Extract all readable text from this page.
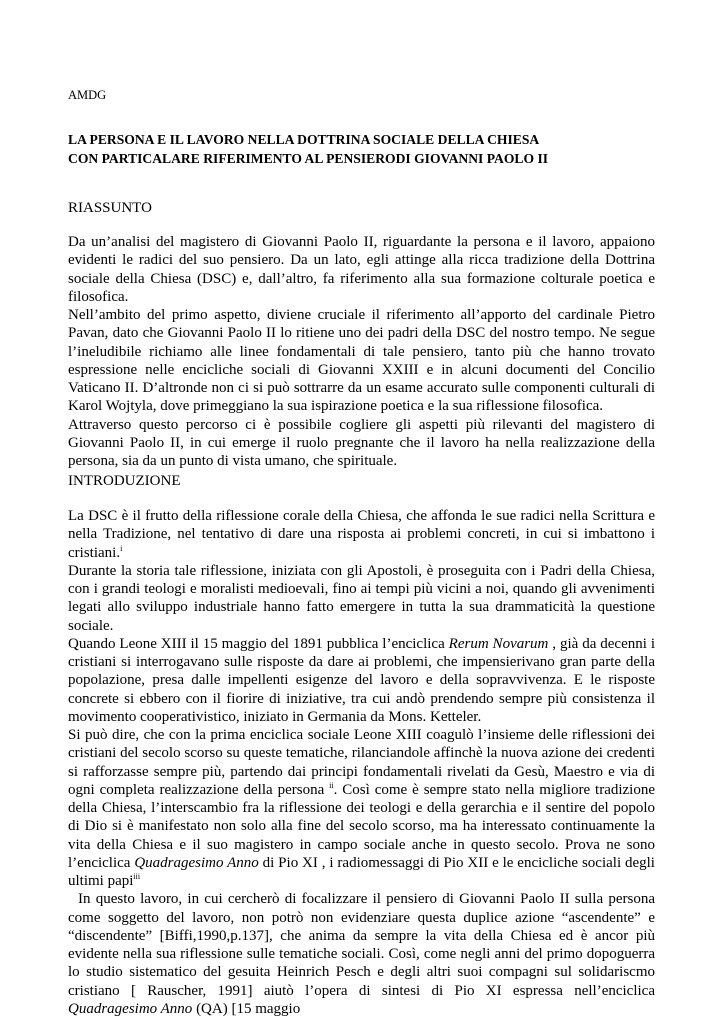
AMDG
LA PERSONA E IL LAVORO NELLA DOTTRINA SOCIALE DELLA CHIESA
CON PARTICALARE RIFERIMENTO AL PENSIERODI GIOVANNI PAOLO II
RIASSUNTO

Da un’analisi del magistero di Giovanni Paolo II, riguardante la persona e il lavoro, appaiono evidenti le radici del suo pensiero. Da un lato, egli attinge alla ricca tradizione della Dottrina sociale della Chiesa (DSC) e, dall’altro, fa riferimento alla sua formazione colturale poetica e filosofica.

Nell’ambito del primo aspetto, diviene cruciale il riferimento all’apporto del cardinale Pietro Pavan, dato che Giovanni Paolo II lo ritiene uno dei padri della DSC del nostro tempo. Ne segue l’ineludibile richiamo alle linee fondamentali di tale pensiero, tanto più che hanno trovato espressione nelle encicliche sociali di Giovanni XXIII e in alcuni documenti del Concilio Vaticano II. D’altronde non ci si può sottrarre da un esame accurato sulle componenti culturali di Karol Wojtyla, dove primeggiano la sua ispirazione poetica e la sua riflessione filosofica.

Attraverso questo percorso ci è possibile cogliere gli aspetti più rilevanti del magistero di Giovanni Paolo II, in cui emerge il ruolo pregnante che il lavoro ha nella realizzazione della persona, sia da un punto di vista umano, che spirituale.

INTRODUZIONE

La DSC è il frutto della riflessione corale della Chiesa, che affonda le sue radici nella Scrittura e nella Tradizione, nel tentativo di dare una risposta ai problemi concreti, in cui si imbattono i cristiani.$^i$

Durante la storia tale riflessione, iniziata con gli Apostoli, è proseguita con i Padri della Chiesa, con i grandi teologi e moralisti medioevali, fino ai tempi più vicini a noi, quando gli avvenimenti legati allo sviluppo industriale hanno fatto emergere in tutta la sua drammaticità la questione sociale.

Quando Leone XIII il 15 maggio del 1891 pubblica l’enciclica Rerum Novarum , già da decenni i cristiani si interrogavano sulle risposte da dare ai problemi, che impensierivano gran parte della popolazione, presa dalle impellenti esigenze del lavoro e della sopravvivenza. E le risposte concrete si ebbero con il fiorire di iniziative, tra cui andò prendendo sempre più consistenza il movimento cooperativistico, iniziato in Germania da Mons. Ketteler.

Si può dire, che con la prima enciclica sociale Leone XIII coagulò l’insieme delle riflessioni dei cristiani del secolo scorso su queste tematiche, rilanciandole affinchè la nuova azione dei credenti si rafforzasse sempre più, partendo dai principi fondamentali rivelati da Gesù, Maestro e via di ogni completa realizzazione della persona $^{ii}$. Così come è sempre stato nella migliore tradizione della Chiesa, l’interscambio fra la riflessione dei teologi e della gerarchia e il sentire del popolo di Dio si è manifestato non solo alla fine del secolo scorso, ma ha interessato continuamente la vita della Chiesa e il suo magistero in campo sociale anche in questo secolo. Prova ne sono l’enciclica Quadragesimo Anno di Pio XI , i radiomessaggi di Pio XII e le encicliche sociali degli ultimi papi$^{iii}$

In questo lavoro, in cui cercherò di focalizzare il pensiero di Giovanni Paolo II sulla persona come soggetto del lavoro, non potrò non evidenziare questa duplice azione “ascendente” e “discendente” [Biffi,1990,p.137], che anima da sempre la vita della Chiesa ed è ancor più evidente nella sua riflessione sulle tematiche sociali. Così, come negli anni del primo dopoguerra lo studio sistematico del gesuita Heinrich Pesch e degli altri suoi compagni sul solidariscmo cristiano [ Rauscher, 1991] aiutò l’opera di sintesi di Pio XI espressa nell’enciclica Quadragesimo Anno (QA) [15 maggio
